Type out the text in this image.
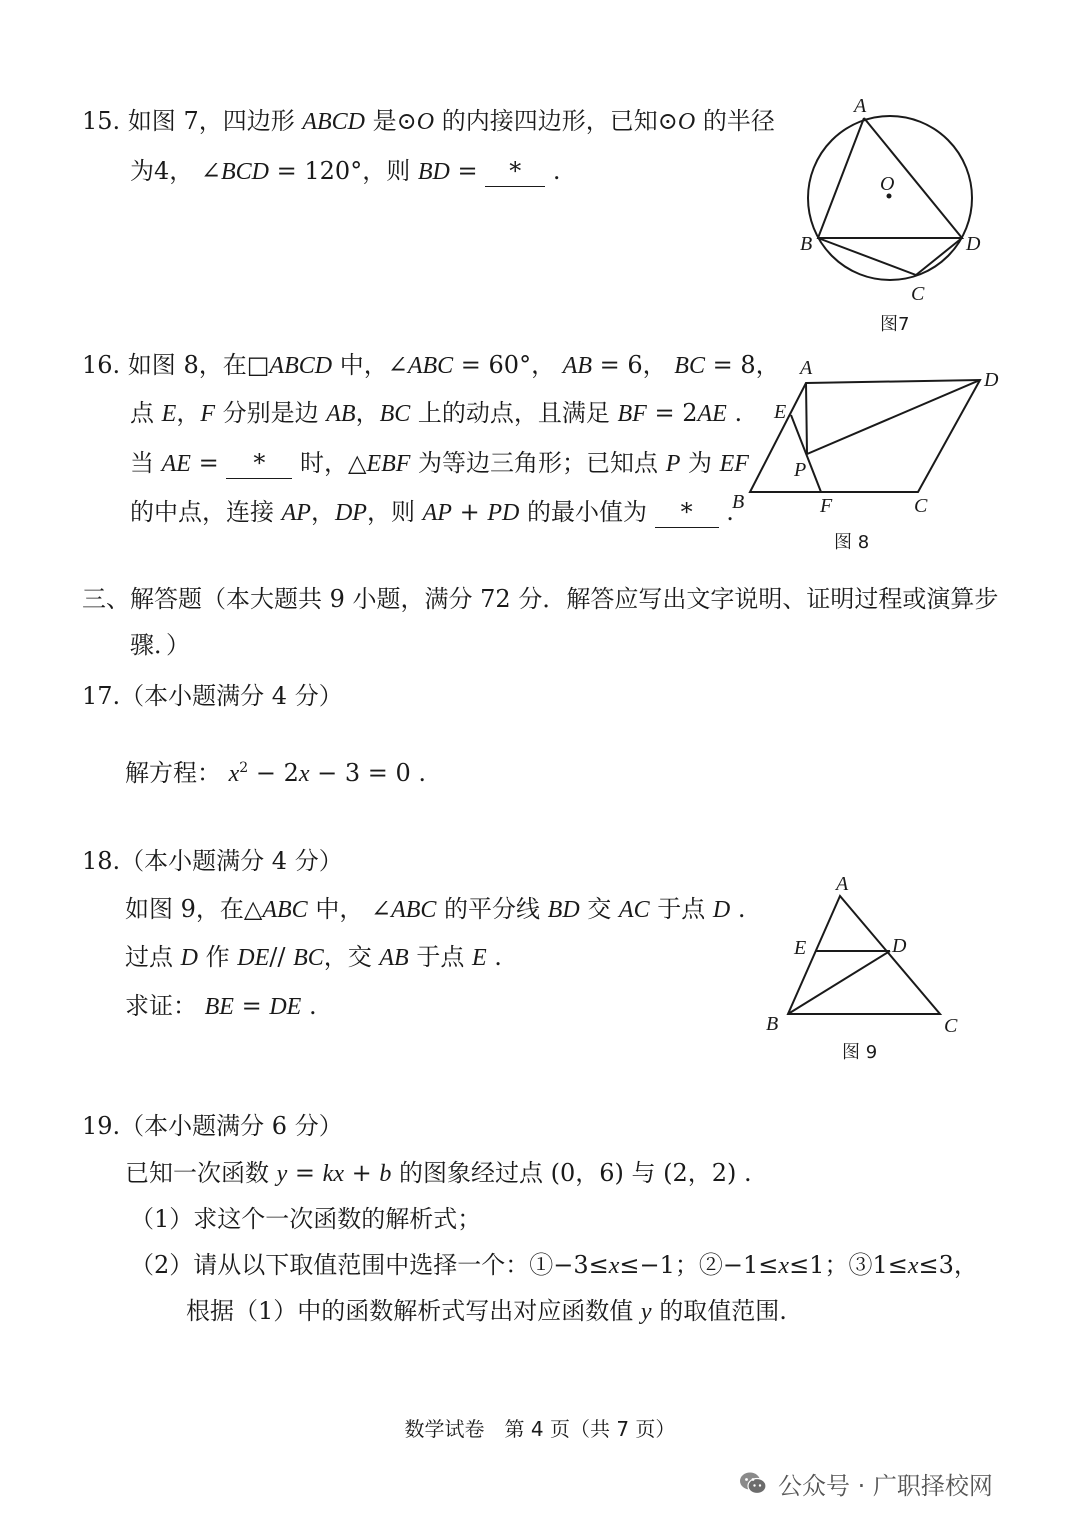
15. 如图 7，四边形 ABCD 是⊙O 的内接四边形，已知⊙O 的半径
为4， ∠BCD = 120°，则 BD = * .
A
O
B	D
C
图7
16. 如图 8，在□ABCD 中，∠ABC = 60°， AB = 6， BC = 8，
点 E，F 分别是边 AB，BC 上的动点，且满足 BF = 2AE .
当 AE = * 时，△EBF 为等边三角形；已知点 P 为 EF
的中点，连接 AP，DP，则 AP + PD 的最小值为 * .
A
D
E
P
B	F	C
图 8
三、解答题（本大题共 9 小题，满分 72 分．解答应写出文字说明、证明过程或演算步
骤．）
17.（本小题满分 4 分）
解方程： $x^2 - 2x - 3 = 0$ .
18.（本小题满分 4 分）
如图 9，在△ABC 中， ∠ABC 的平分线 BD 交 AC 于点 D .
过点 D 作 DE// BC，交 AB 于点 E .
求证： BE = DE .
A
E	D
B	C
图 9
19.（本小题满分 6 分）
已知一次函数 y = kx + b 的图象经过点 (0，6) 与 (2，2) .
（1）求这个一次函数的解析式；
（2）请从以下取值范围中选择一个：①−3≤x≤−1；②−1≤x≤1；③1≤x≤3，
根据（1）中的函数解析式写出对应函数值 y 的取值范围.
数学试卷　第 4 页（共 7 页）
公众号 · 广职择校网
